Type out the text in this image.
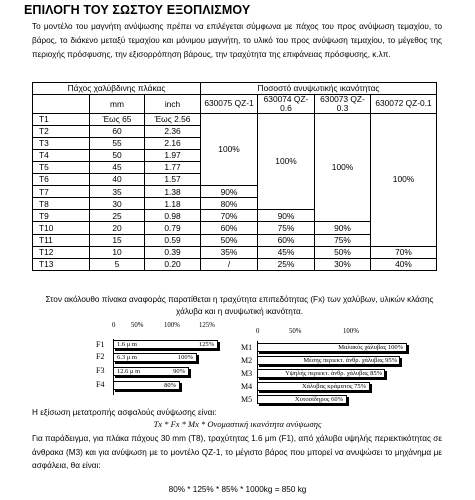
ΕΠΙΛΟΓΗ ΤΟΥ ΣΩΣΤΟΥ ΕΞΟΠΛΙΣΜΟΥ
Το μοντέλο του μαγνήτη ανύψωσης πρέπει να επιλέγεται σύμφωνα με πάχος του προς ανύψωση τεμαχίου, το βάρος, το διάκενο μεταξύ τεμαχίου και μόνιμου μαγνήτη, το υλικό του προς ανύψωση τεμαχίου, το μέγεθος της περιοχής πρόσφυσης, την εξισορρόπηση βάρους, την τραχύτητα της επιφάνειας πρόσφυσης, κ.λπ.
Πάχος χαλύβδινης πλάκας			Ποσοστό ανυψωτικής ικανότητας			
	mm	inch	630075 QZ-1	630074 QZ-0.6	630073 QZ-0.3	630072 QZ-0.1

T1	Έως 65	Έως 2.56	100%	100%	100%	100%
T2	60	2.36				
T3	55	2.16				
T4	50	1.97				
T5	45	1.77				
T6	40	1.57				
T7	35	1.38	90%			
T8	30	1.18	80%			
T9	25	0.98	70%	90%		
T10	20	0.79	60%	75%	90%	
T11	15	0.59	50%	60%	75%	
T12	10	0.39	35%	45%	50%	70%
T13	5	0.20	/	25%	30%	40%
Στον ακόλουθο πίνακα αναφοράς παρατίθεται η τραχύτητα επιπεδότητας (Fx) των χαλύβων, υλικών κλάσης χάλυβα και η ανυψωτική ικανότητα.
0 50%	100%	125%
F1
F2
F3
F4
1.6 μ m	125%
6.3 μ m	100%
12.6 μ m	90%
80%
0	50%	100%
M1
M2
M3
M4
M5
Μαλακός χάλυβας 100%
Μέσης περιεκτ. άνθρ. χάλυβας 95%
Υψηλής περιεκτ. άνθρ. χάλυβας 85%
Χάλυβας κράματος 75%
Χυτοσίδηρος 60%
Η εξίσωση μετατροπής ασφαλούς ανύψωσης είναι:
Tx * Fx * Mx * Ονομαστική ικανότητα ανύψωσης
Για παράδειγμα, για πλάκα πάχους 30 mm (T8), τραχύτητας 1.6 μm (F1), από χάλυβα υψηλής περιεκτικότητας σε άνθρακα (M3) και για ανύψωση με το μοντέλο QZ-1, το μέγιστο βάρος που μπορεί να ανυψώσει το μηχάνημα με ασφάλεια, θα είναι:
80% * 125% * 85% * 1000kg = 850 kg
